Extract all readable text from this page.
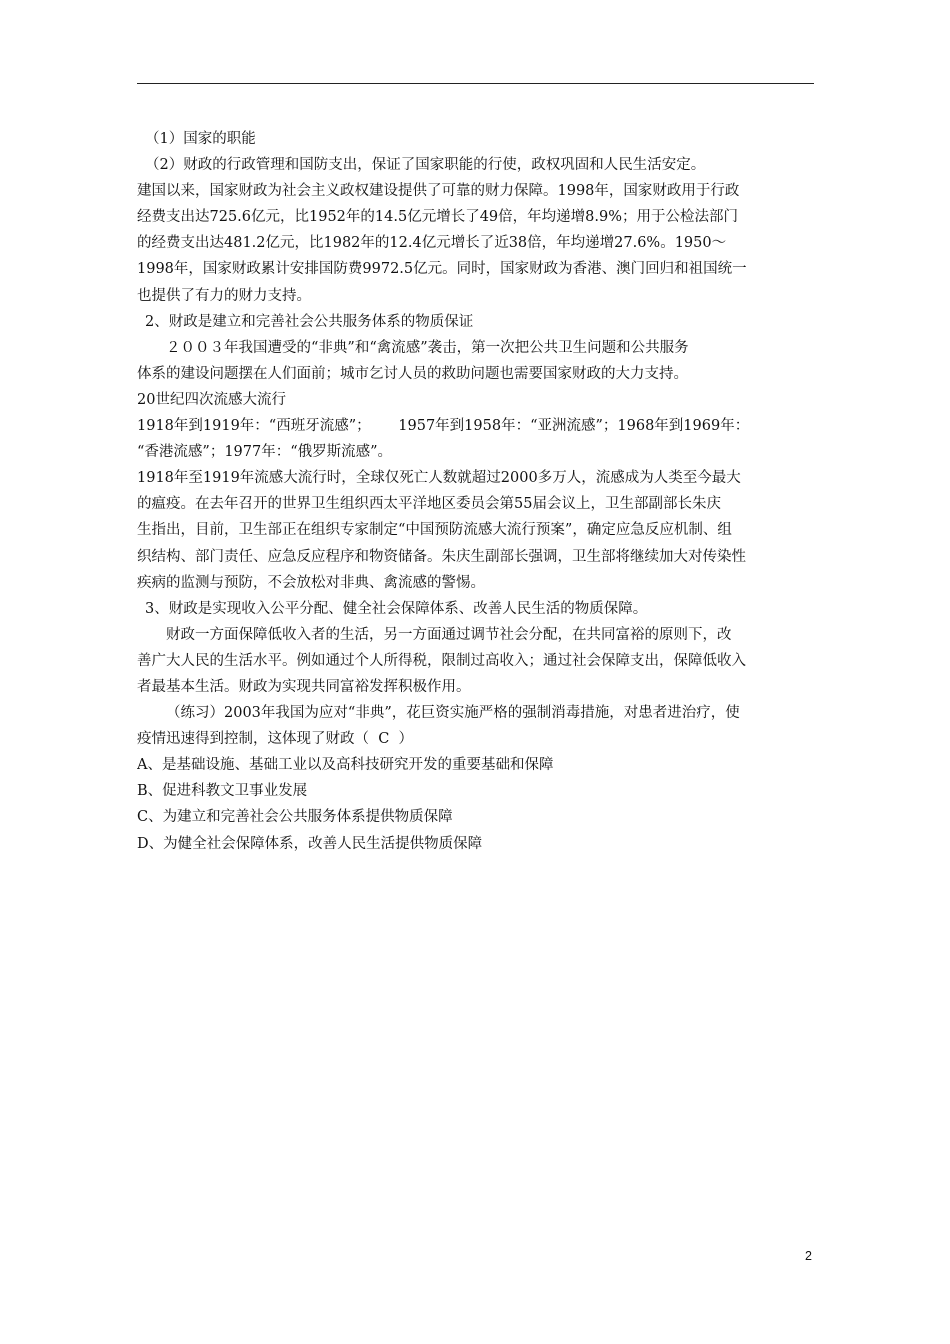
（1）国家的职能
（2）财政的行政管理和国防支出，保证了国家职能的行使，政权巩固和人民生活安定。
建国以来，国家财政为社会主义政权建设提供了可靠的财力保障。1998年，国家财政用于行政
经费支出达725.6亿元，比1952年的14.5亿元增长了49倍，年均递增8.9%；用于公检法部门
的经费支出达481.2亿元，比1982年的12.4亿元增长了近38倍，年均递增27.6%。1950～
1998年，国家财政累计安排国防费9972.5亿元。同时，国家财政为香港、澳门回归和祖国统一
也提供了有力的财力支持。
2、财政是建立和完善社会公共服务体系的物质保证
２００３年我国遭受的“非典”和“禽流感”袭击，第一次把公共卫生问题和公共服务
体系的建设问题摆在人们面前；城市乞讨人员的救助问题也需要国家财政的大力支持。
20世纪四次流感大流行
1918年到1919年：“西班牙流感”；      1957年到1958年：“亚洲流感”；1968年到1969年：
“香港流感”；1977年：“俄罗斯流感”。
1918年至1919年流感大流行时，全球仅死亡人数就超过2000多万人，流感成为人类至今最大
的瘟疫。在去年召开的世界卫生组织西太平洋地区委员会第55届会议上，卫生部副部长朱庆
生指出，目前，卫生部正在组织专家制定“中国预防流感大流行预案”，确定应急反应机制、组
织结构、部门责任、应急反应程序和物资储备。朱庆生副部长强调，卫生部将继续加大对传染性
疾病的监测与预防，不会放松对非典、禽流感的警惕。
3、财政是实现收入公平分配、健全社会保障体系、改善人民生活的物质保障。
财政一方面保障低收入者的生活，另一方面通过调节社会分配，在共同富裕的原则下，改
善广大人民的生活水平。例如通过个人所得税，限制过高收入；通过社会保障支出，保障低收入
者最基本生活。财政为实现共同富裕发挥积极作用。
（练习）2003年我国为应对“非典”，花巨资实施严格的强制消毒措施，对患者进治疗，使
疫情迅速得到控制，这体现了财政（  C  ）
A、是基础设施、基础工业以及高科技研究开发的重要基础和保障
B、促进科教文卫事业发展
C、为建立和完善社会公共服务体系提供物质保障
D、为健全社会保障体系，改善人民生活提供物质保障
2
